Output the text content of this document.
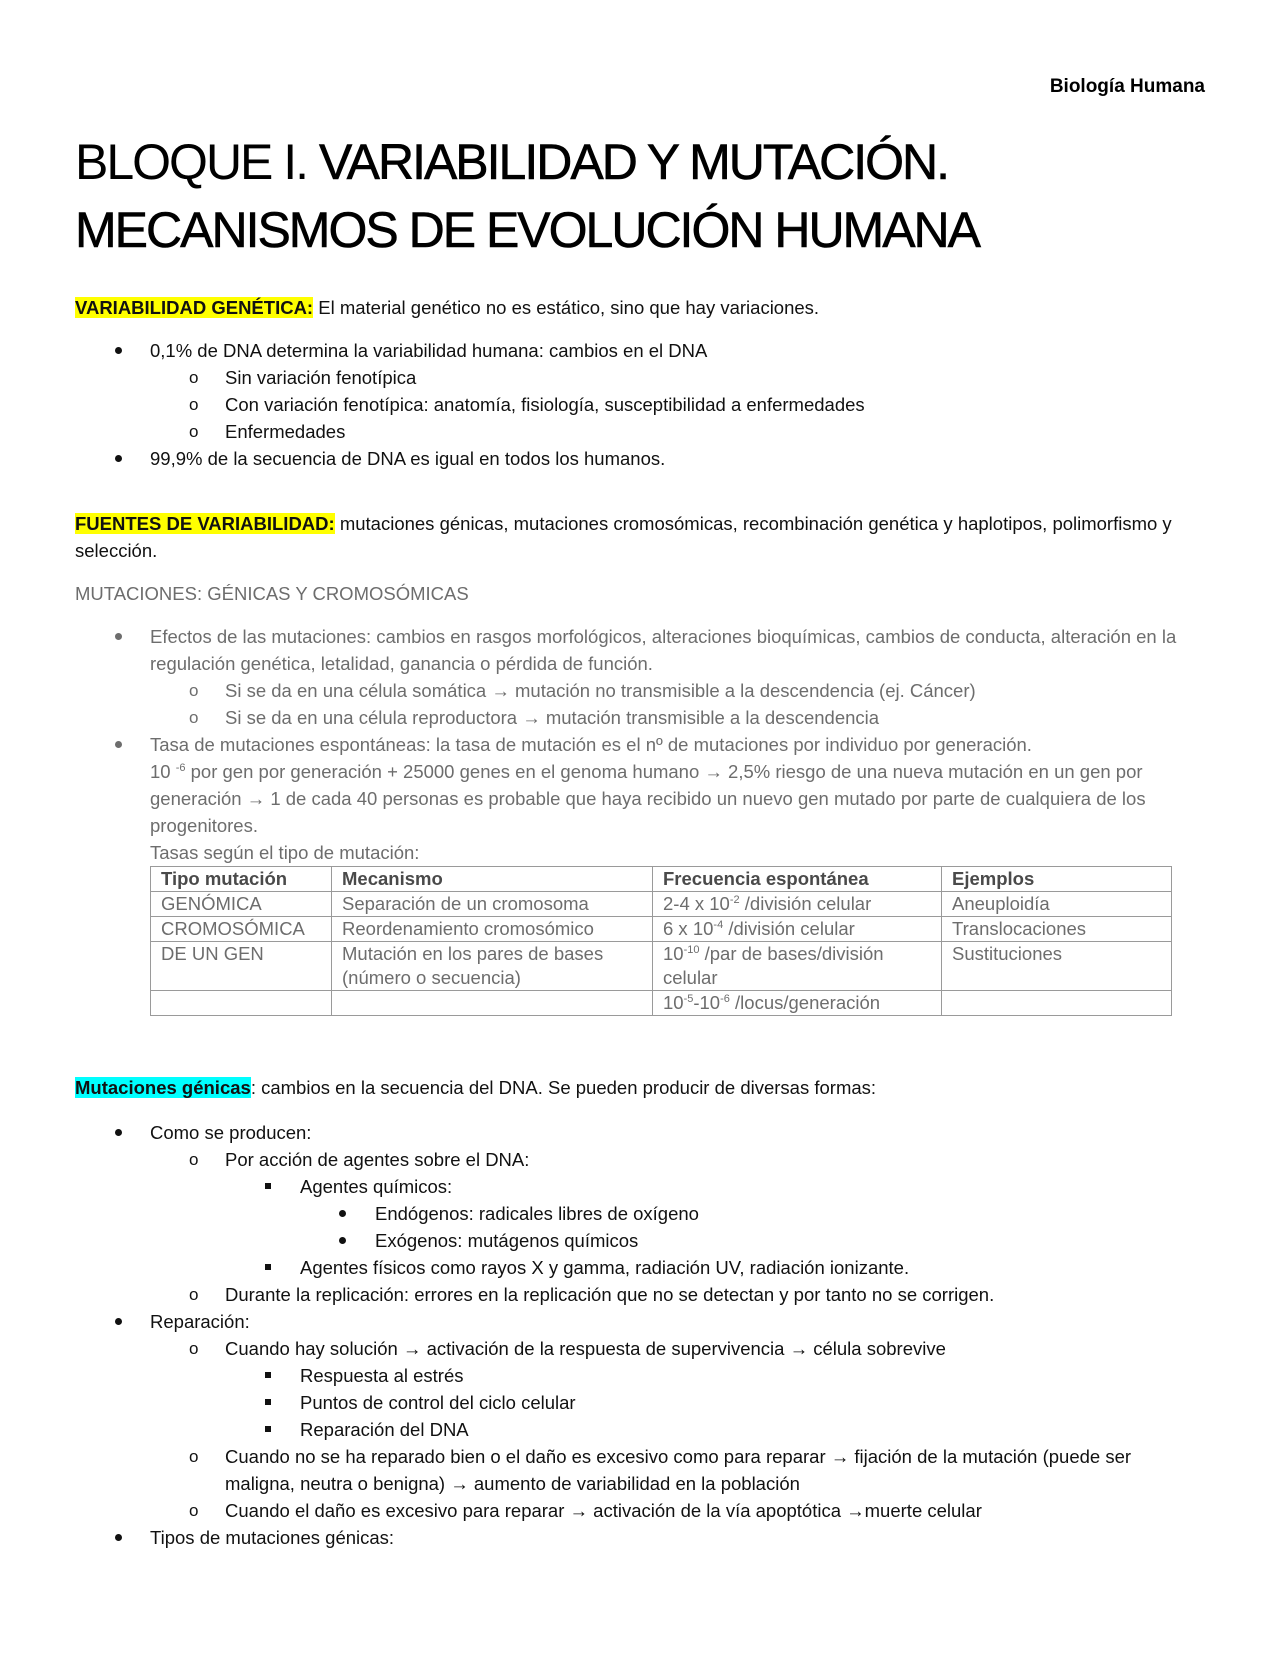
Biología Humana
BLOQUE I. VARIABILIDAD Y MUTACIÓN.
MECANISMOS DE EVOLUCIÓN HUMANA
VARIABILIDAD GENÉTICA: El material genético no es estático, sino que hay variaciones.
0,1% de DNA determina la variabilidad humana: cambios en el DNA
o Sin variación fenotípica
o Con variación fenotípica: anatomía, fisiología, susceptibilidad a enfermedades
o Enfermedades
99,9% de la secuencia de DNA es igual en todos los humanos.
FUENTES DE VARIABILIDAD: mutaciones génicas, mutaciones cromosómicas, recombinación genética y haplotipos, polimorfismo y selección.
MUTACIONES: GÉNICAS Y CROMOSÓMICAS
Efectos de las mutaciones: cambios en rasgos morfológicos, alteraciones bioquímicas, cambios de conducta, alteración en la regulación genética, letalidad, ganancia o pérdida de función.
o Si se da en una célula somática → mutación no transmisible a la descendencia (ej. Cáncer)
o Si se da en una célula reproductora → mutación transmisible a la descendencia
Tasa de mutaciones espontáneas: la tasa de mutación es el nº de mutaciones por individuo por generación.
10 $^{-6}$ por gen por generación + 25000 genes en el genoma humano → 2,5% riesgo de una nueva mutación en un gen por generación → 1 de cada 40 personas es probable que haya recibido un nuevo gen mutado por parte de cualquiera de los progenitores.
Tasas según el tipo de mutación:
Tipo mutación	Mecanismo	Frecuencia espontánea	Ejemplos
GENÓMICA	Separación de un cromosoma	2-4 x $10^{-2}$ /división celular	Aneuploidía
CROMOSÓMICA	Reordenamiento cromosómico	6 x $10^{-4}$ /división celular	Translocaciones
DE UN GEN	Mutación en los pares de bases (número o secuencia)	$10^{-10}$ /par de bases/división celular	Sustituciones
		$10^{-5}-10^{-6}$ /locus/generación	
Mutaciones génicas: cambios en la secuencia del DNA. Se pueden producir de diversas formas:
Como se producen:
o Por acción de agentes sobre el DNA:
Agentes químicos:
Endógenos: radicales libres de oxígeno
Exógenos: mutágenos químicos
Agentes físicos como rayos X y gamma, radiación UV, radiación ionizante.
o Durante la replicación: errores en la replicación que no se detectan y por tanto no se corrigen.
Reparación:
o Cuando hay solución → activación de la respuesta de supervivencia → célula sobrevive
Respuesta al estrés
Puntos de control del ciclo celular
Reparación del DNA
o Cuando no se ha reparado bien o el daño es excesivo como para reparar → fijación de la mutación (puede ser maligna, neutra o benigna) → aumento de variabilidad en la población
o Cuando el daño es excesivo para reparar → activación de la vía apoptótica →muerte celular
Tipos de mutaciones génicas:
